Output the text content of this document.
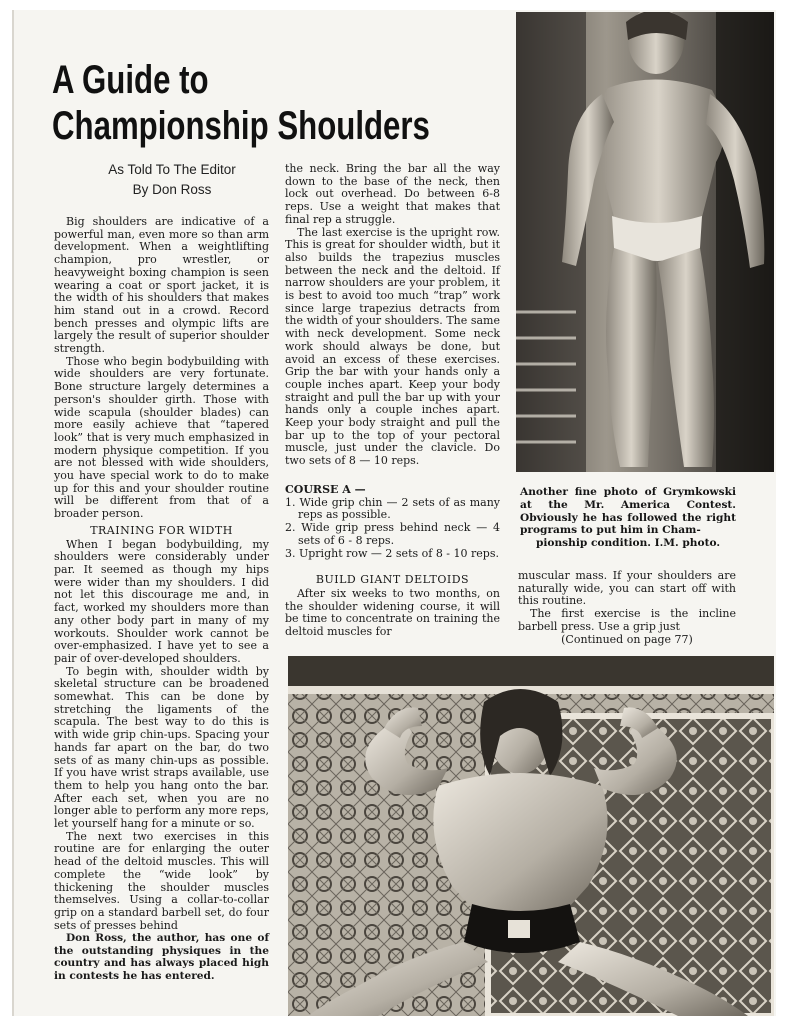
A Guide to
Championship Shoulders
As Told To The Editor
By Don Ross

Big shoulders are indicative of a powerful man, even more so than arm development. When a weightlifting champion, pro wrestler, or heavyweight boxing champion is seen wearing a coat or sport jacket, it is the width of his shoulders that makes him stand out in a crowd. Record bench presses and olympic lifts are largely the result of superior shoulder strength.

Those who begin bodybuilding with wide shoulders are very fortunate. Bone structure largely determines a person's shoulder girth. Those with wide scapula (shoulder blades) can more easily achieve that “tapered look” that is very much emphasized in modern physique competition. If you are not blessed with wide shoulders, you have special work to do to make up for this and your shoulder routine will be different from that of a broader person.

TRAINING FOR WIDTH

When I began bodybuilding, my shoulders were considerably under par. It seemed as though my hips were wider than my shoulders. I did not let this discourage me and, in fact, worked my shoulders more than any other body part in many of my workouts. Shoulder work cannot be over-emphasized. I have yet to see a pair of over-developed shoulders.

To begin with, shoulder width by skeletal structure can be broadened somewhat. This can be done by stretching the ligaments of the scapula. The best way to do this is with wide grip chin-ups. Spacing your hands far apart on the bar, do two sets of as many chin-ups as possible. If you have wrist straps available, use them to help you hang onto the bar. After each set, when you are no longer able to perform any more reps, let yourself hang for a minute or so.

The next two exercises in this routine are for enlarging the outer head of the deltoid muscles. This will complete the “wide look” by thickening the shoulder muscles themselves. Using a collar-to-collar grip on a standard barbell set, do four sets of presses behind

Don Ross, the author, has one of the outstanding physiques in the country and has always placed high in contests he has entered.

the neck. Bring the bar all the way down to the base of the neck, then lock out overhead. Do between 6-8 reps. Use a weight that makes that final rep a struggle.

The last exercise is the upright row. This is great for shoulder width, but it also builds the trapezius muscles between the neck and the deltoid. If narrow shoulders are your problem, it is best to avoid too much “trap” work since large trapezius detracts from the width of your shoulders. The same with neck development. Some neck work should always be done, but avoid an excess of these exercises. Grip the bar with your hands only a couple inches apart. Keep your body straight and pull the bar up with your hands only a couple inches apart. Keep your body straight and pull the bar up to the top of your pectoral muscle, just under the clavicle. Do two sets of 8 — 10 reps.

COURSE A —

1. Wide grip chin — 2 sets of as many reps as possible.

2. Wide grip press behind neck — 4 sets of 6 - 8 reps.

3. Upright row — 2 sets of 8 - 10 reps.

BUILD GIANT DELTOIDS

After six weeks to two months, on the shoulder widening course, it will be time to concentrate on training the deltoid muscles for

Another fine photo of Grymkowski at the Mr. America Contest. Obviously he has followed the right programs to put him in Cham-
pionship condition. I.M. photo.

muscular mass. If your shoulders are naturally wide, you can start off with this routine.

The first exercise is the incline barbell press. Use a grip just

(Continued on page 77)
